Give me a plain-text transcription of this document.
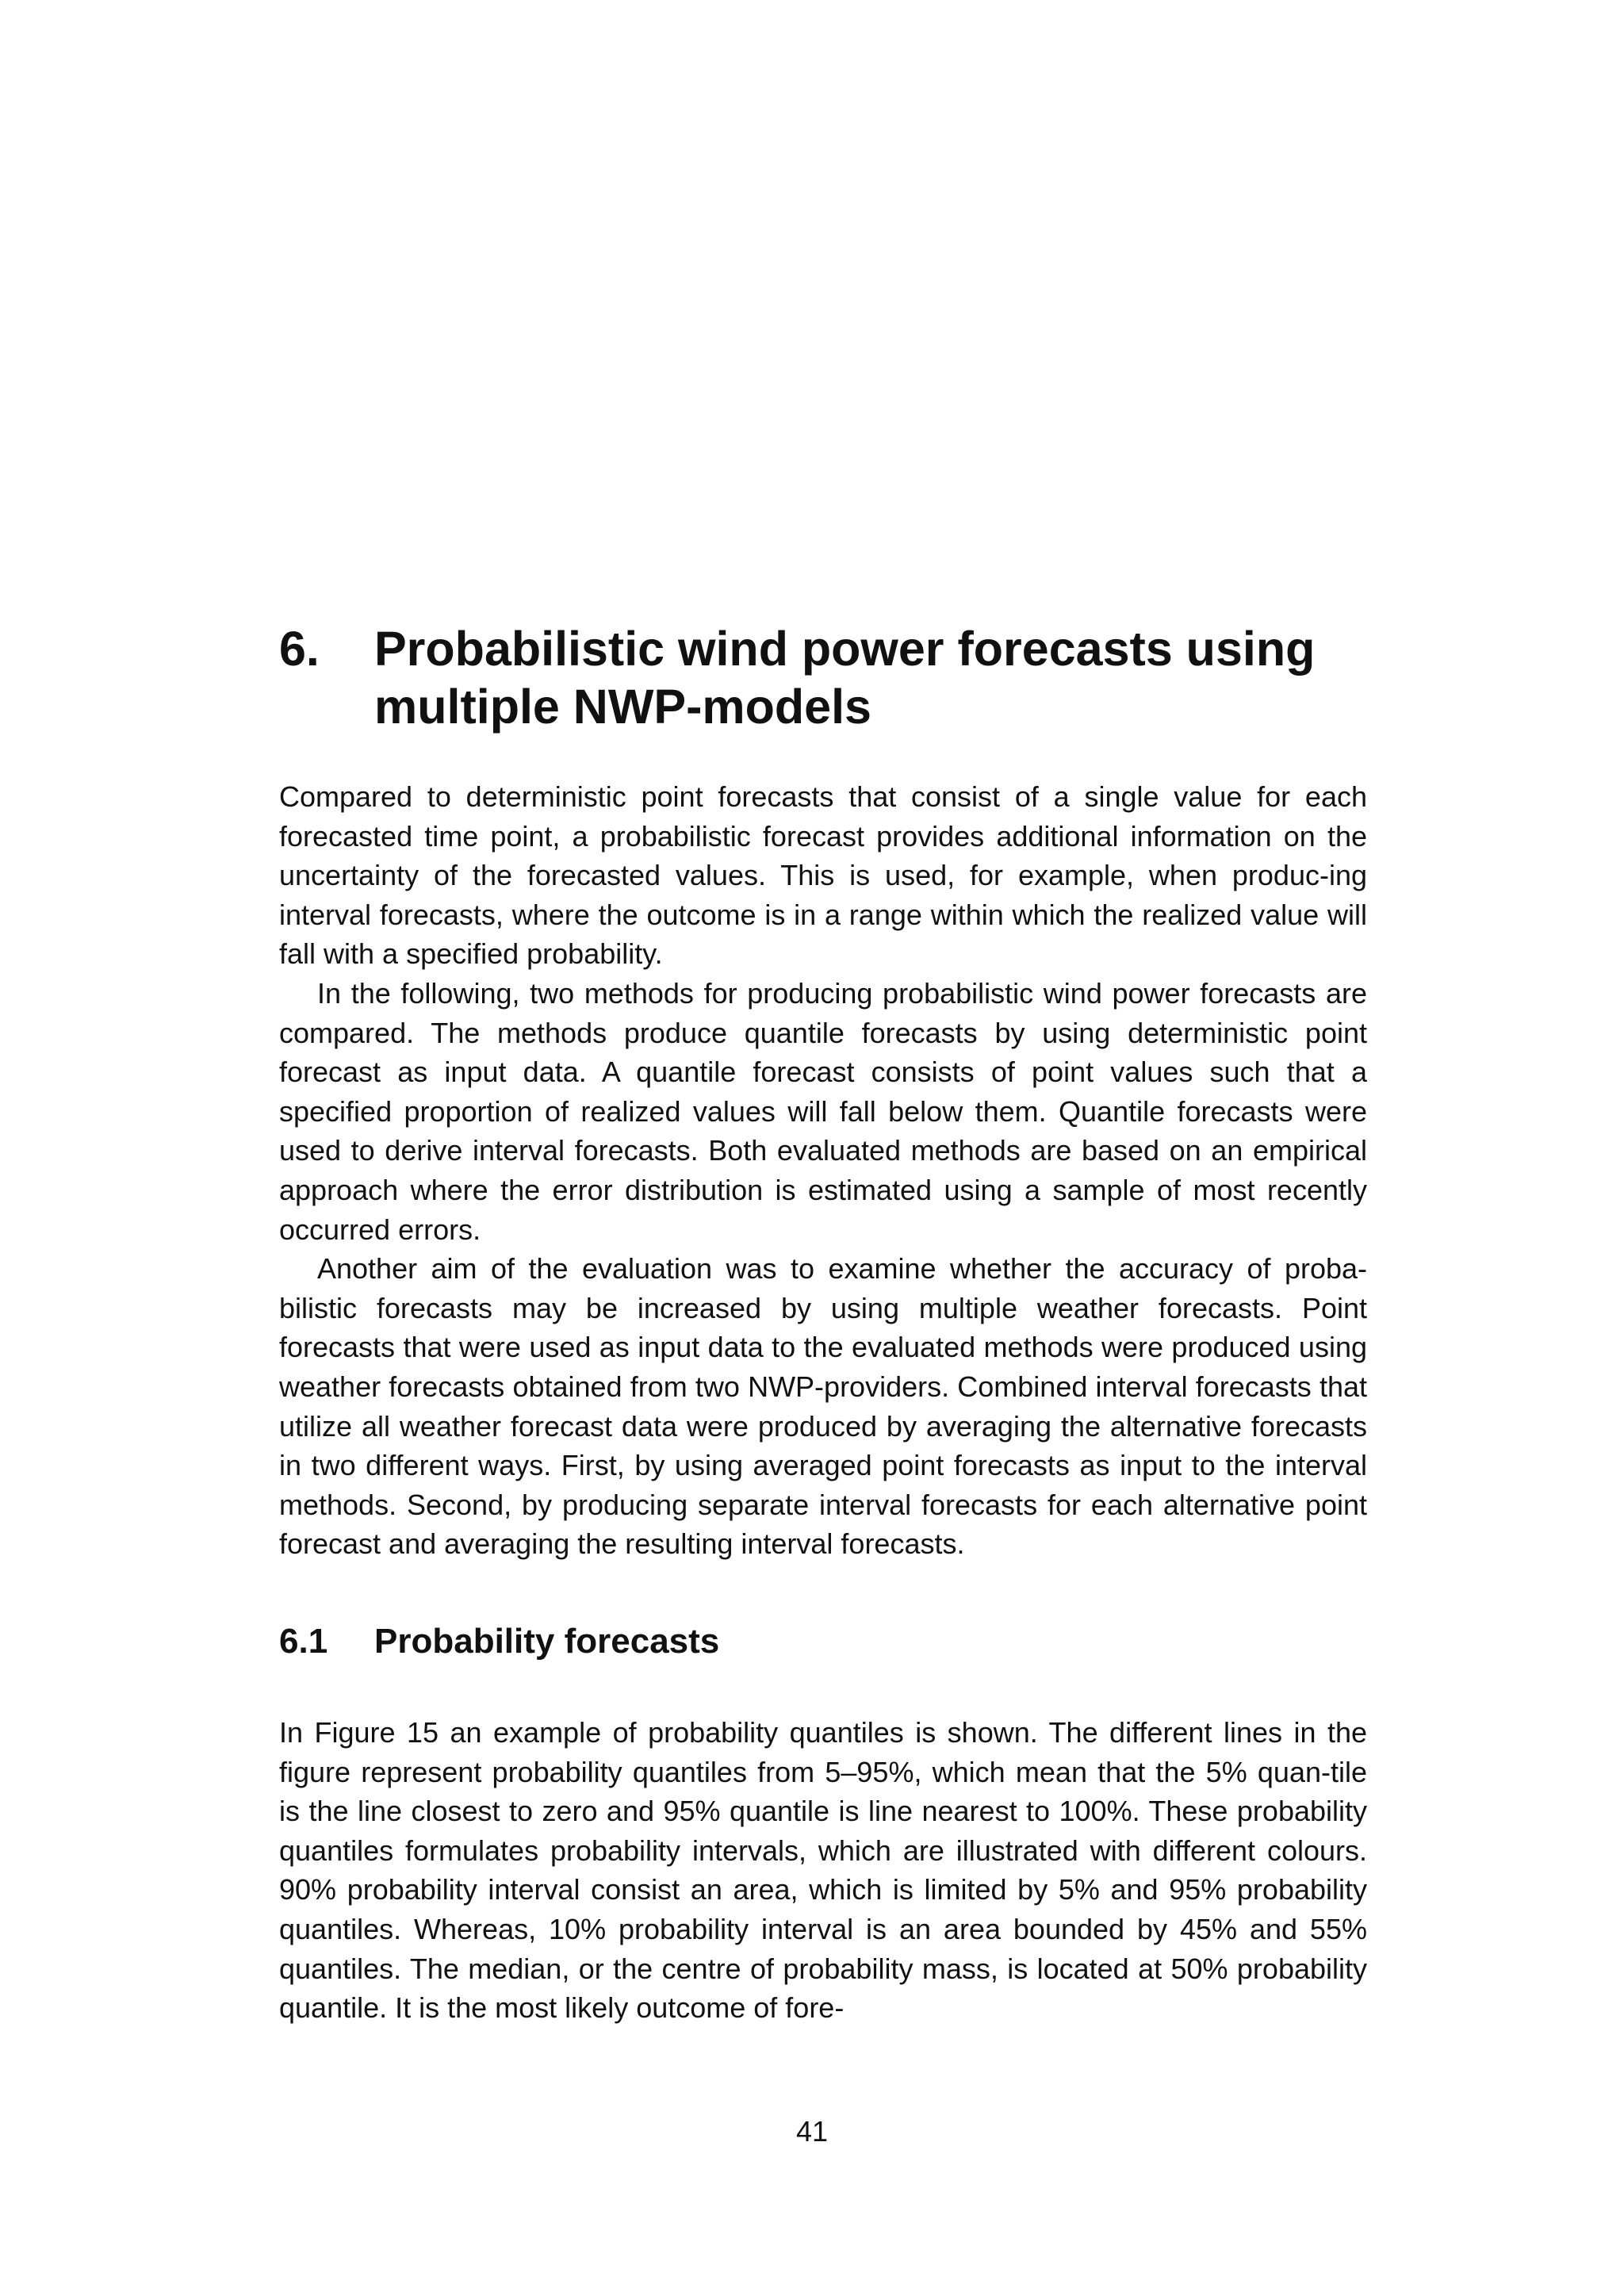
6.	Probabilistic wind power forecasts using
multiple NWP-models

Compared to deterministic point forecasts that consist of a single value for each forecasted time point, a probabilistic forecast provides additional information on the uncertainty of the forecasted values. This is used, for example, when produc-ing interval forecasts, where the outcome is in a range within which the realized value will fall with a specified probability.

In the following, two methods for producing probabilistic wind power forecasts are compared. The methods produce quantile forecasts by using deterministic point forecast as input data. A quantile forecast consists of point values such that a specified proportion of realized values will fall below them. Quantile forecasts were used to derive interval forecasts. Both evaluated methods are based on an empirical approach where the error distribution is estimated using a sample of most recently occurred errors.

Another aim of the evaluation was to examine whether the accuracy of proba-bilistic forecasts may be increased by using multiple weather forecasts. Point forecasts that were used as input data to the evaluated methods were produced using weather forecasts obtained from two NWP-providers. Combined interval forecasts that utilize all weather forecast data were produced by averaging the alternative forecasts in two different ways. First, by using averaged point forecasts as input to the interval methods. Second, by producing separate interval forecasts for each alternative point forecast and averaging the resulting interval forecasts.

6.1	Probability forecasts

In Figure 15 an example of probability quantiles is shown. The different lines in the figure represent probability quantiles from 5–95%, which mean that the 5% quan-tile is the line closest to zero and 95% quantile is line nearest to 100%. These probability quantiles formulates probability intervals, which are illustrated with different colours. 90% probability interval consist an area, which is limited by 5% and 95% probability quantiles. Whereas, 10% probability interval is an area bounded by 45% and 55% quantiles. The median, or the centre of probability mass, is located at 50% probability quantile. It is the most likely outcome of fore-

41
